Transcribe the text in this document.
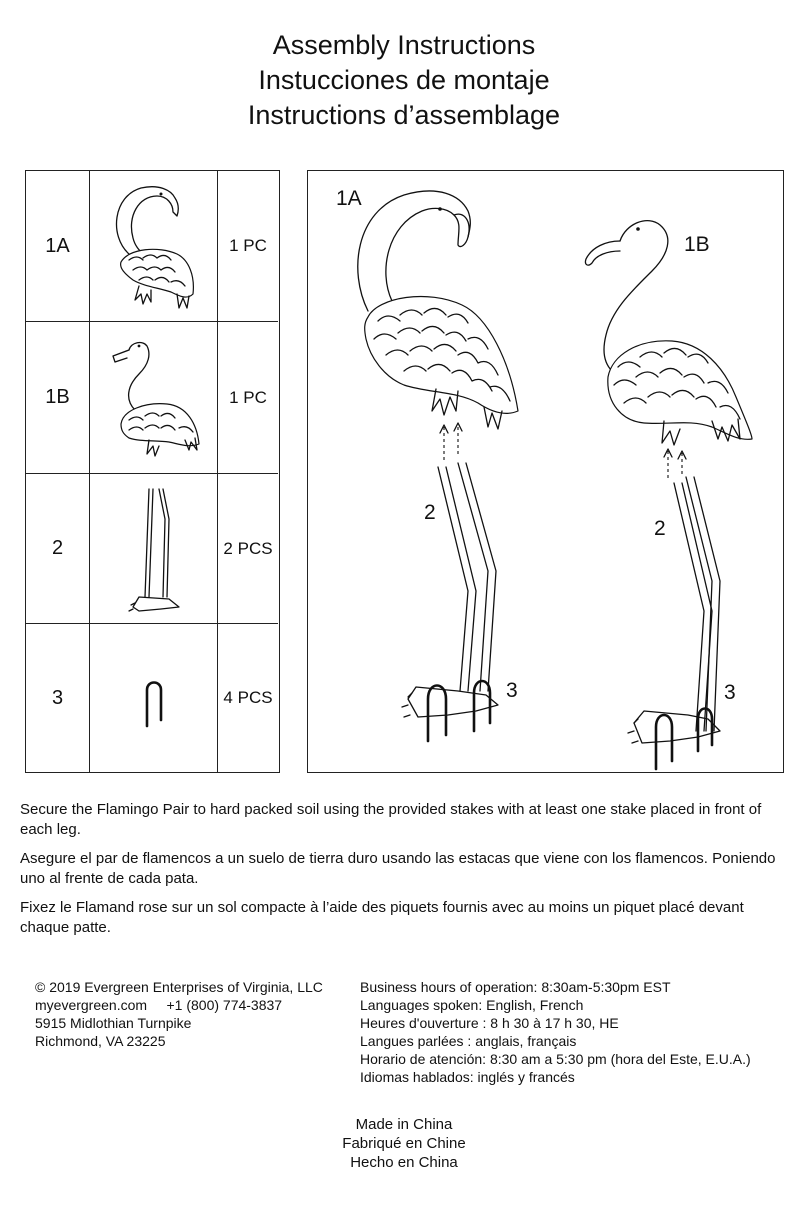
Assembly Instructions
Instucciones de montaje
Instructions d’assemblage
1A	1 PC
1B	1 PC
2	2 PCS
3	4 PCS
1A
1B
2
2
3	3

Secure the Flamingo Pair to hard packed soil using the provided stakes with at least one stake placed in front of each leg.

Asegure el par de flamencos a un suelo de tierra duro usando las estacas que viene con los flamencos. Poniendo uno al frente de cada pata.

Fixez le Flamand rose sur un sol compacte à l’aide des piquets fournis avec au moins un piquet placé devant chaque patte.

© 2019 Evergreen Enterprises of Virginia, LLC
myevergreen.com     +1 (800) 774-3837
5915 Midlothian Turnpike
Richmond, VA 23225
Business hours of operation: 8:30am-5:30pm EST
Languages spoken: English, French
Heures d'ouverture : 8 h 30 à 17 h 30, HE
Langues parlées : anglais, français
Horario de atención: 8:30 am a 5:30 pm (hora del Este, E.U.A.)
Idiomas hablados: inglés y francés
Made in China
Fabriqué en Chine
Hecho en China
